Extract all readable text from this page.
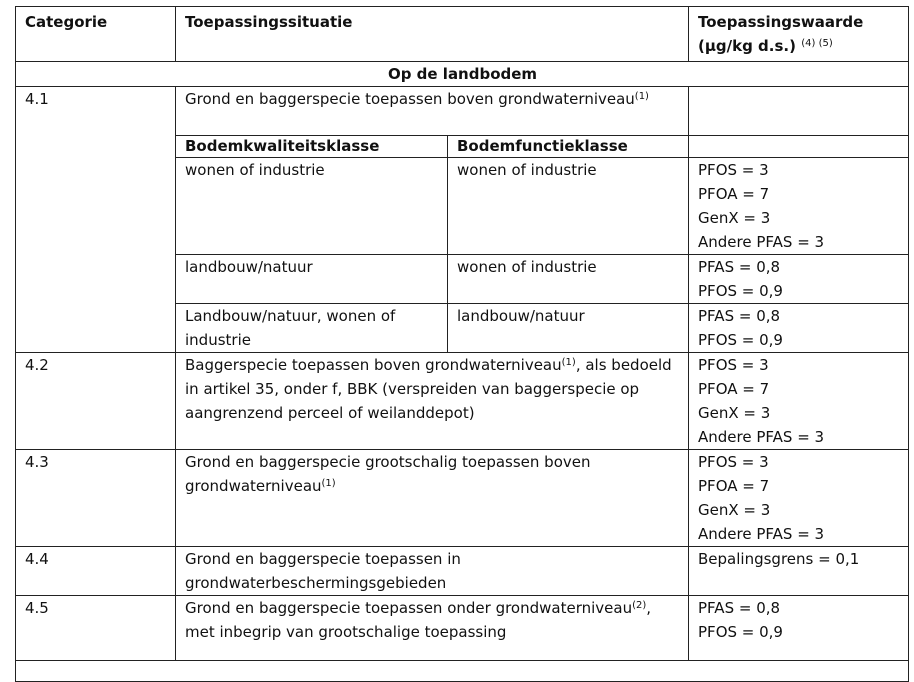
Categorie	Toepassingssituatie		Toepassingswaarde
(µg/kg d.s.) $^{(4) (5)}$
Op de landbodem			
4.1	Grond en baggerspecie toepassen boven grondwaterniveau$^{(1)}$	
	Bodemkwaliteitsklasse	Bodemfunctieklasse	
	wonen of industrie	wonen of industrie	PFOS = 3
PFOA = 7
GenX = 3
Andere PFAS = 3

	landbouw/natuur	wonen of industrie	PFAS = 0,8
PFOS = 0,9

	Landbouw/natuur, wonen of industrie	landbouw/natuur	PFAS = 0,8
PFOS = 0,9

4.2	Baggerspecie toepassen boven grondwaterniveau$^{(1)}$, als bedoeld in artikel 35, onder f, BBK (verspreiden van baggerspecie op aangrenzend perceel of weilanddepot)		PFOS = 3
PFOA = 7
GenX = 3
Andere PFAS = 3

4.3	Grond en baggerspecie grootschalig toepassen boven grondwaterniveau$^{(1)}$		PFOS = 3
PFOA = 7
GenX = 3
Andere PFAS = 3

4.4	Grond en baggerspecie toepassen in grondwaterbeschermingsgebieden		Bepalingsgrens = 0,1

4.5	Grond en baggerspecie toepassen onder grondwaterniveau$^{(2)}$, met inbegrip van grootschalige toepassing		PFAS = 0,8
PFOS = 0,9
